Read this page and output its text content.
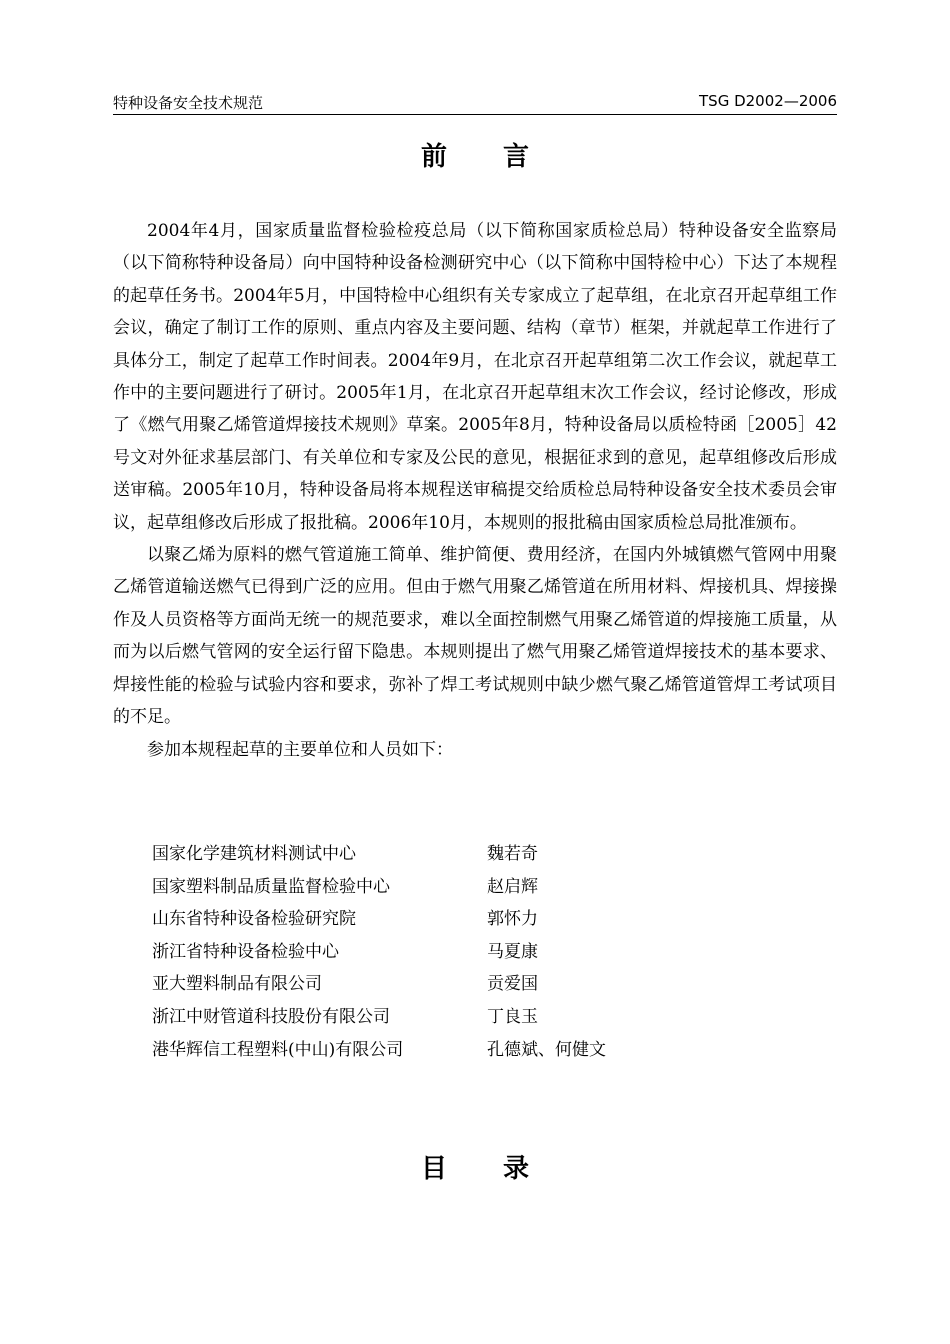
特种设备安全技术规范	TSG D2002—2006
前言

2004年4月，国家质量监督检验检疫总局（以下简称国家质检总局）特种设备安全监察局（以下简称特种设备局）向中国特种设备检测研究中心（以下简称中国特检中心）下达了本规程的起草任务书。2004年5月，中国特检中心组织有关专家成立了起草组，在北京召开起草组工作会议，确定了制订工作的原则、重点内容及主要问题、结构（章节）框架，并就起草工作进行了具体分工，制定了起草工作时间表。2004年9月，在北京召开起草组第二次工作会议，就起草工作中的主要问题进行了研讨。2005年1月，在北京召开起草组末次工作会议，经讨论修改，形成了《燃气用聚乙烯管道焊接技术规则》草案。2005年8月，特种设备局以质检特函［2005］42号文对外征求基层部门、有关单位和专家及公民的意见，根据征求到的意见，起草组修改后形成送审稿。2005年10月，特种设备局将本规程送审稿提交给质检总局特种设备安全技术委员会审议，起草组修改后形成了报批稿。2006年10月，本规则的报批稿由国家质检总局批准颁布。

以聚乙烯为原料的燃气管道施工简单、维护简便、费用经济，在国内外城镇燃气管网中用聚乙烯管道输送燃气已得到广泛的应用。但由于燃气用聚乙烯管道在所用材料、焊接机具、焊接操作及人员资格等方面尚无统一的规范要求，难以全面控制燃气用聚乙烯管道的焊接施工质量，从而为以后燃气管网的安全运行留下隐患。本规则提出了燃气用聚乙烯管道焊接技术的基本要求、焊接性能的检验与试验内容和要求，弥补了焊工考试规则中缺少燃气聚乙烯管道管焊工考试项目的不足。

参加本规程起草的主要单位和人员如下：

国家化学建筑材料测试中心	魏若奇
国家塑料制品质量监督检验中心	赵启辉
山东省特种设备检验研究院	郭怀力
浙江省特种设备检验中心	马夏康
亚大塑料制品有限公司	贡爱国
浙江中财管道科技股份有限公司	丁良玉
港华辉信工程塑料(中山)有限公司	孔德斌、何健文
目录
